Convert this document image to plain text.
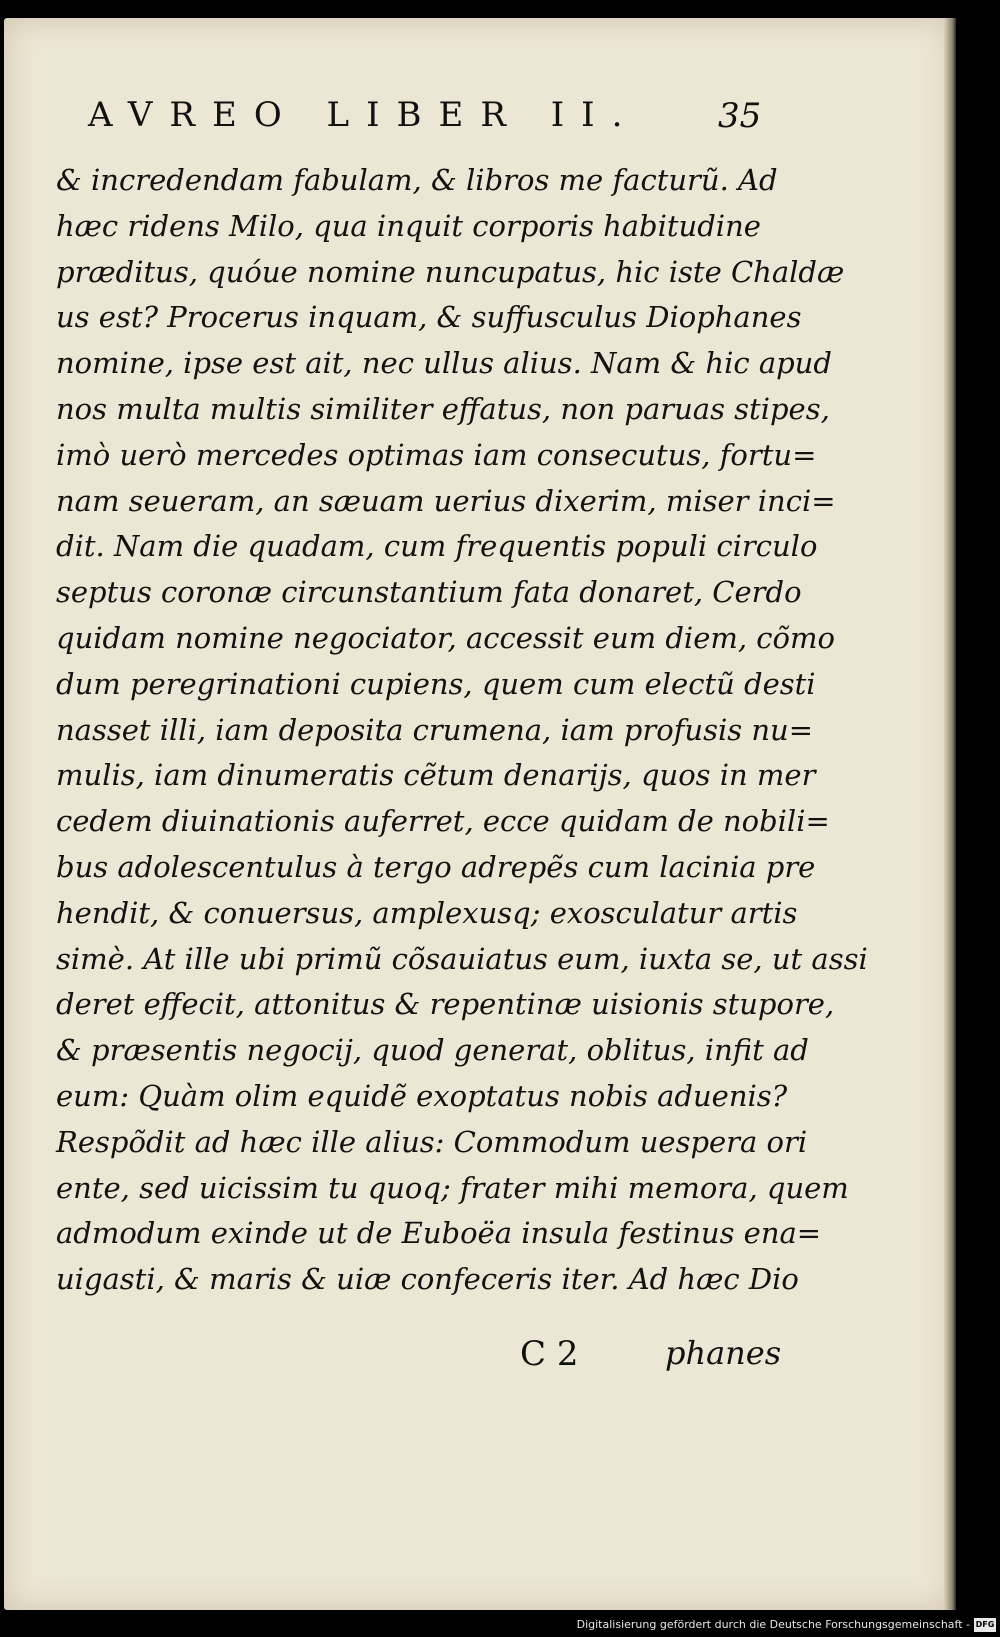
AVREO LIBER II.	35
& incredendam fabulam, & libros me facturũ. Ad
hæc ridens Milo, qua inquit corporis habitudine
præditus, quóue nomine nuncupatus, hic iste Chaldæ
us est? Procerus inquam, & suffusculus Diophanes
nomine, ipse est ait, nec ullus alius. Nam & hic apud
nos multa multis similiter effatus, non paruas stipes,
imò uerò mercedes optimas iam consecutus, fortu=
nam seueram, an sæuam uerius dixerim, miser inci=
dit. Nam die quadam, cum frequentis populi circulo
septus coronæ circunstantium fata donaret, Cerdo
quidam nomine negociator, accessit eum diem, cõmo
dum peregrinationi cupiens, quem cum electũ desti
nasset illi, iam deposita crumena, iam profusis nu=
mulis, iam dinumeratis cẽtum denarijs, quos in mer
cedem diuinationis auferret, ecce quidam de nobili=
bus adolescentulus à tergo adrepẽs cum lacinia pre
hendit, & conuersus, amplexusq; exosculatur artis
simè. At ille ubi primũ cõsauiatus eum, iuxta se, ut assi
deret effecit, attonitus & repentinæ uisionis stupore,
& præsentis negocij, quod generat, oblitus, infit ad
eum: Quàm olim equidẽ exoptatus nobis aduenis?
Respõdit ad hæc ille alius: Commodum uespera ori
ente, sed uicissim tu quoq; frater mihi memora, quem
admodum exinde ut de Euboëa insula festinus ena=
uigasti, & maris & uiæ confeceris iter. Ad hæc Dio
C 2	phanes
Digitalisierung gefördert durch die Deutsche Forschungsgemeinschaft - DFG
